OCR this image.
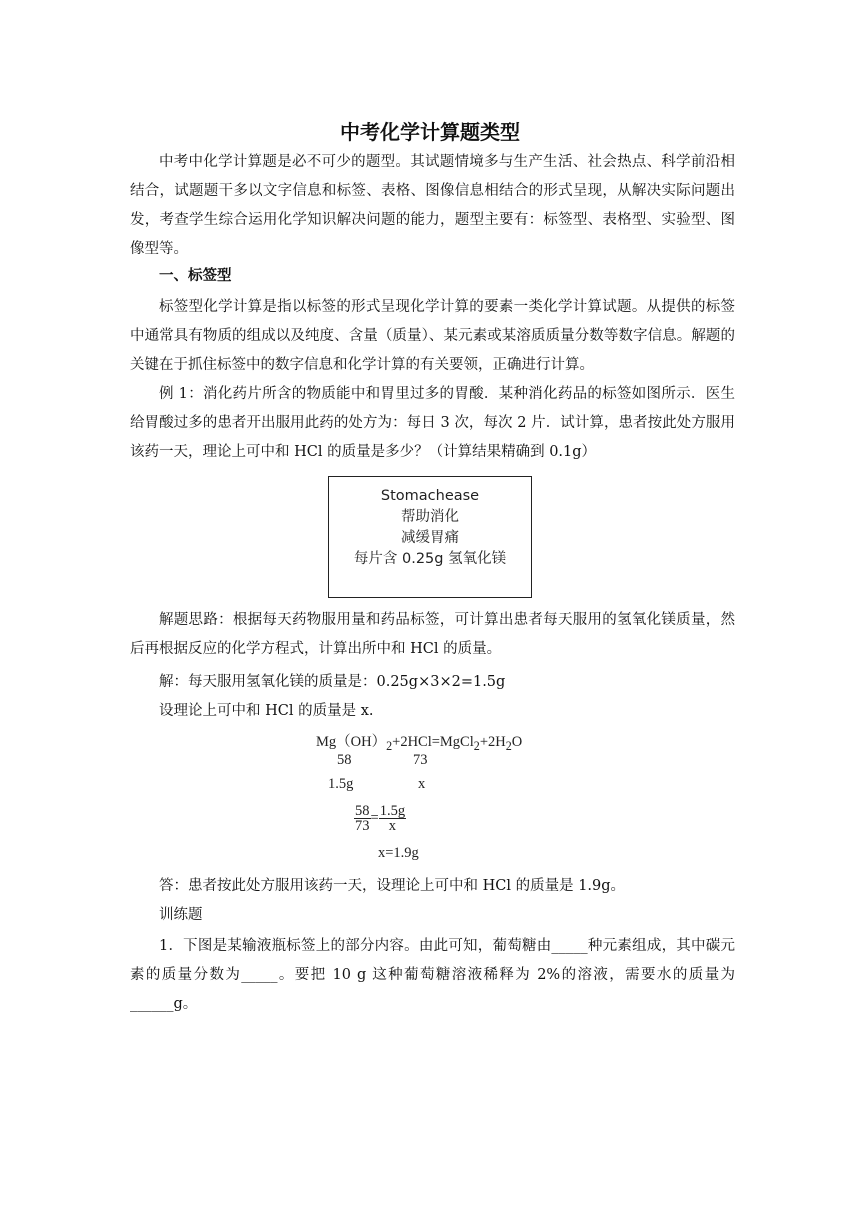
中考化学计算题类型
中考中化学计算题是必不可少的题型。其试题情境多与生产生活、社会热点、科学前沿相结合，试题题干多以文字信息和标签、表格、图像信息相结合的形式呈现，从解决实际问题出发，考查学生综合运用化学知识解决问题的能力，题型主要有：标签型、表格型、实验型、图像型等。
一、标签型
标签型化学计算是指以标签的形式呈现化学计算的要素一类化学计算试题。从提供的标签中通常具有物质的组成以及纯度、含量（质量）、某元素或某溶质质量分数等数字信息。解题的关键在于抓住标签中的数字信息和化学计算的有关要领，正确进行计算。
例 1：消化药片所含的物质能中和胃里过多的胃酸．某种消化药品的标签如图所示．医生给胃酸过多的患者开出服用此药的处方为：每日 3 次，每次 2 片．试计算，患者按此处方服用该药一天，理论上可中和 HCl 的质量是多少？（计算结果精确到 0.1g）
Stomachease
帮助消化
减缓胃痛
每片含 0.25g 氢氧化镁
解题思路：根据每天药物服用量和药品标签，可计算出患者每天服用的氢氧化镁质量，然后再根据反应的化学方程式，计算出所中和 HCl 的质量。
解：每天服用氢氧化镁的质量是：0.25g×3×2=1.5g
设理论上可中和 HCl 的质量是 x.
$Mg(OH)_2+2HCl=MgCl_2+2H_2O$
58	73
1.5g	x
$\frac{58}{73} = \frac{1.5g}{x}$
x=1.9g
答：患者按此处方服用该药一天，设理论上可中和 HCl 的质量是 1.9g。
训练题
1．下图是某输液瓶标签上的部分内容。由此可知，葡萄糖由_____种元素组成，其中碳元素的质量分数为_____。要把 10 g 这种葡萄糖溶液稀释为 2%的溶液，需要水的质量为______g。
